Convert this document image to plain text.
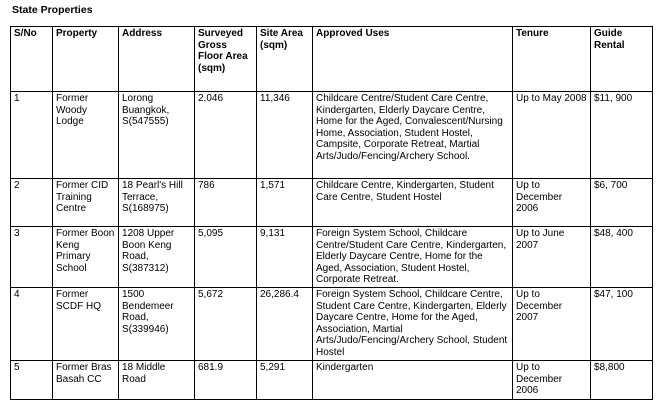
State Properties
S/No	Property	Address	Surveyed Gross Floor Area (sqm)	Site Area (sqm)	Approved Uses	Tenure	Guide Rental
1	Former Woody Lodge	Lorong Buangkok, S(547555)	2,046	11,346	Childcare Centre/Student Care Centre, Kindergarten, Elderly Daycare Centre, Home for the Aged, Convalescent/Nursing Home, Association, Student Hostel, Campsite, Corporate Retreat, Martial Arts/Judo/Fencing/Archery School.	Up to May 2008	$11, 900
2	Former CID Training Centre	18 Pearl's Hill Terrace, S(168975)	786	1,571	Childcare Centre, Kindergarten, Student Care Centre, Student Hostel	Up to December 2006	$6, 700
3	Former Boon Keng Primary School	1208 Upper Boon Keng Road, S(387312)	5,095	9,131	Foreign System School, Childcare Centre/Student Care Centre, Kindergarten, Elderly Daycare Centre, Home for the Aged, Association, Student Hostel, Corporate Retreat.	Up to June 2007	$48, 400
4	Former SCDF HQ	1500 Bendemeer Road, S(339946)	5,672	26,286.4	Foreign System School, Childcare Centre, Student Care Centre, Kindergarten, Elderly Daycare Centre, Home for the Aged, Association, Martial Arts/Judo/Fencing/Archery School, Student Hostel	Up to December 2007	$47, 100
5	Former Bras Basah CC	18 Middle Road	681.9	5,291	Kindergarten	Up to December 2006	$8,800
